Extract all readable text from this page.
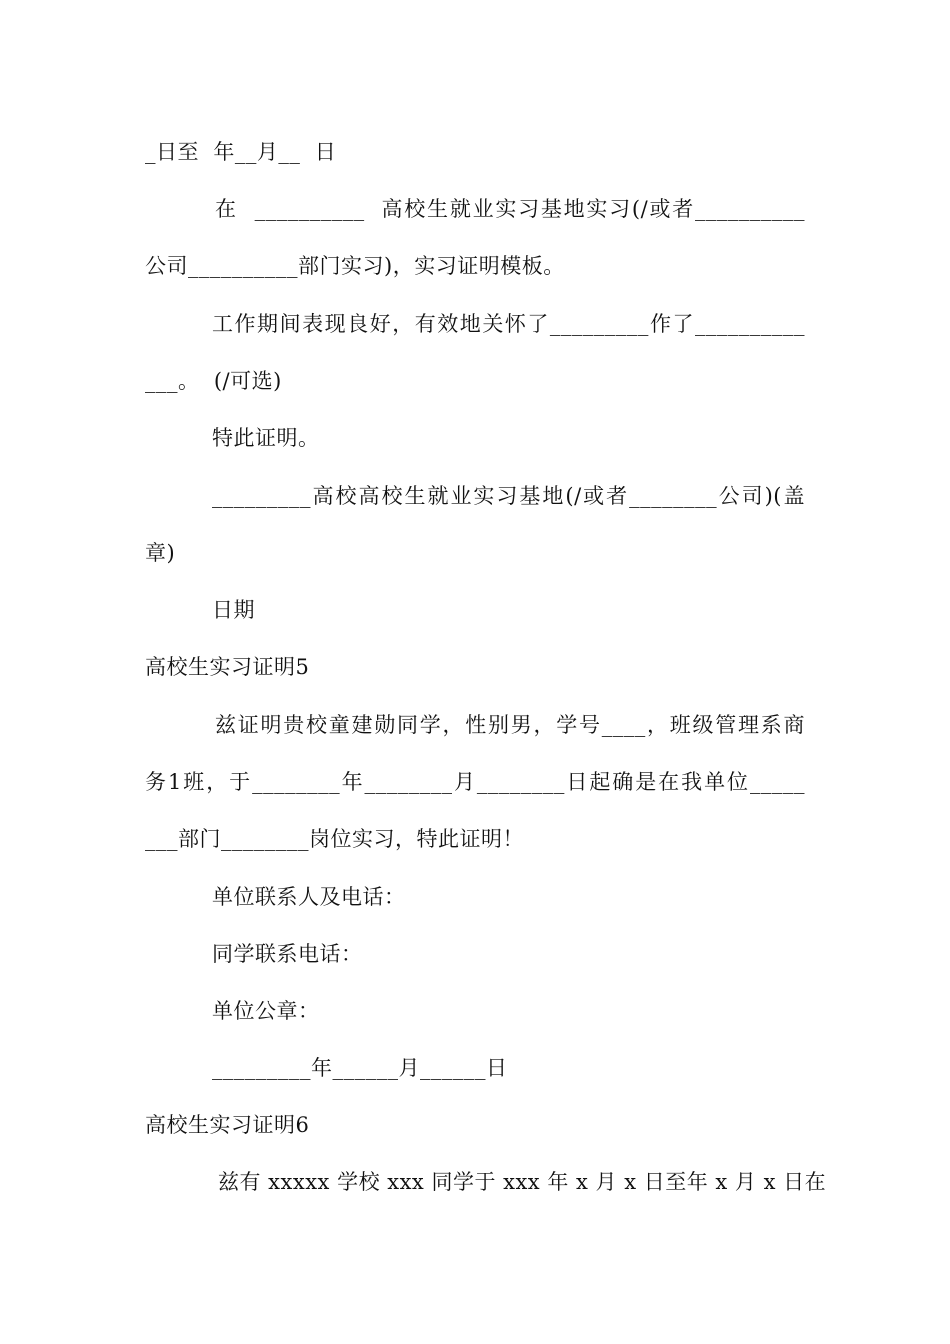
_日至  年__月__  日
在  __________  高校生就业实习基地实习(/或者__________
公司__________部门实习)，实习证明模板。
工作期间表现良好，有效地关怀了_________作了__________
___。  (/可选)
特此证明。
_________高校高校生就业实习基地(/或者________公司)(盖
章)
日期
高校生实习证明5
兹证明贵校童建勋同学，性别男，学号____，班级管理系商
务1班，于________年________月________日起确是在我单位_____
___部门________岗位实习，特此证明！
单位联系人及电话：
同学联系电话：
单位公章：
_________年______月______日
高校生实习证明6
兹有 xxxxx 学校 xxx 同学于 xxx 年 x 月 x 日至年 x 月 x 日在
